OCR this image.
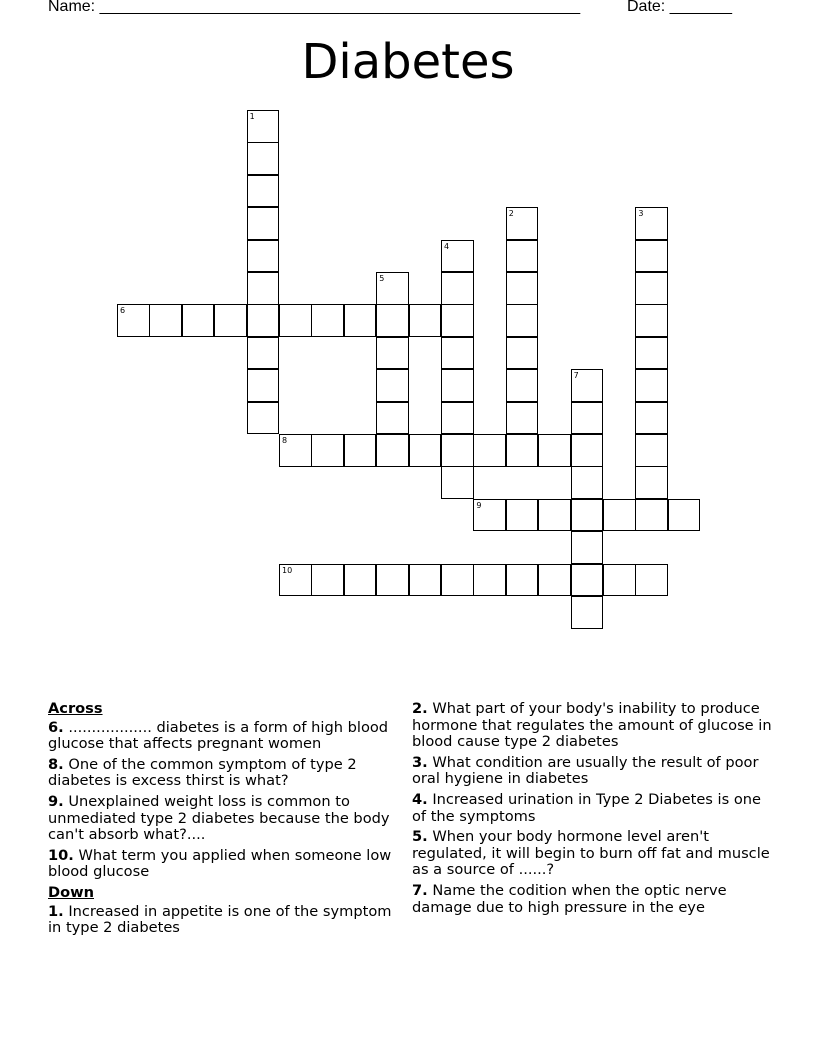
Name: ______________________________________________________	Date: _______
Diabetes
1
6
2	3
4
5
7
8
9
10
Across
6. .................. diabetes is a form of high blood glucose that affects pregnant women
8. One of the common symptom of type 2 diabetes is excess thirst is what?
9. Unexplained weight loss is common to unmediated type 2 diabetes because the body can't absorb what?....
10. What term you applied when someone low blood glucose
Down
1. Increased in appetite is one of the symptom in type 2 diabetes
2. What part of your body's inability to produce hormone that regulates the amount of glucose in blood cause type 2 diabetes
3. What condition are usually the result of poor oral hygiene in diabetes
4. Increased urination in Type 2 Diabetes is one of the symptoms
5. When your body hormone level aren't regulated, it will begin to burn off fat and muscle as a source of ......?
7. Name the codition when the optic nerve damage due to high pressure in the eye
